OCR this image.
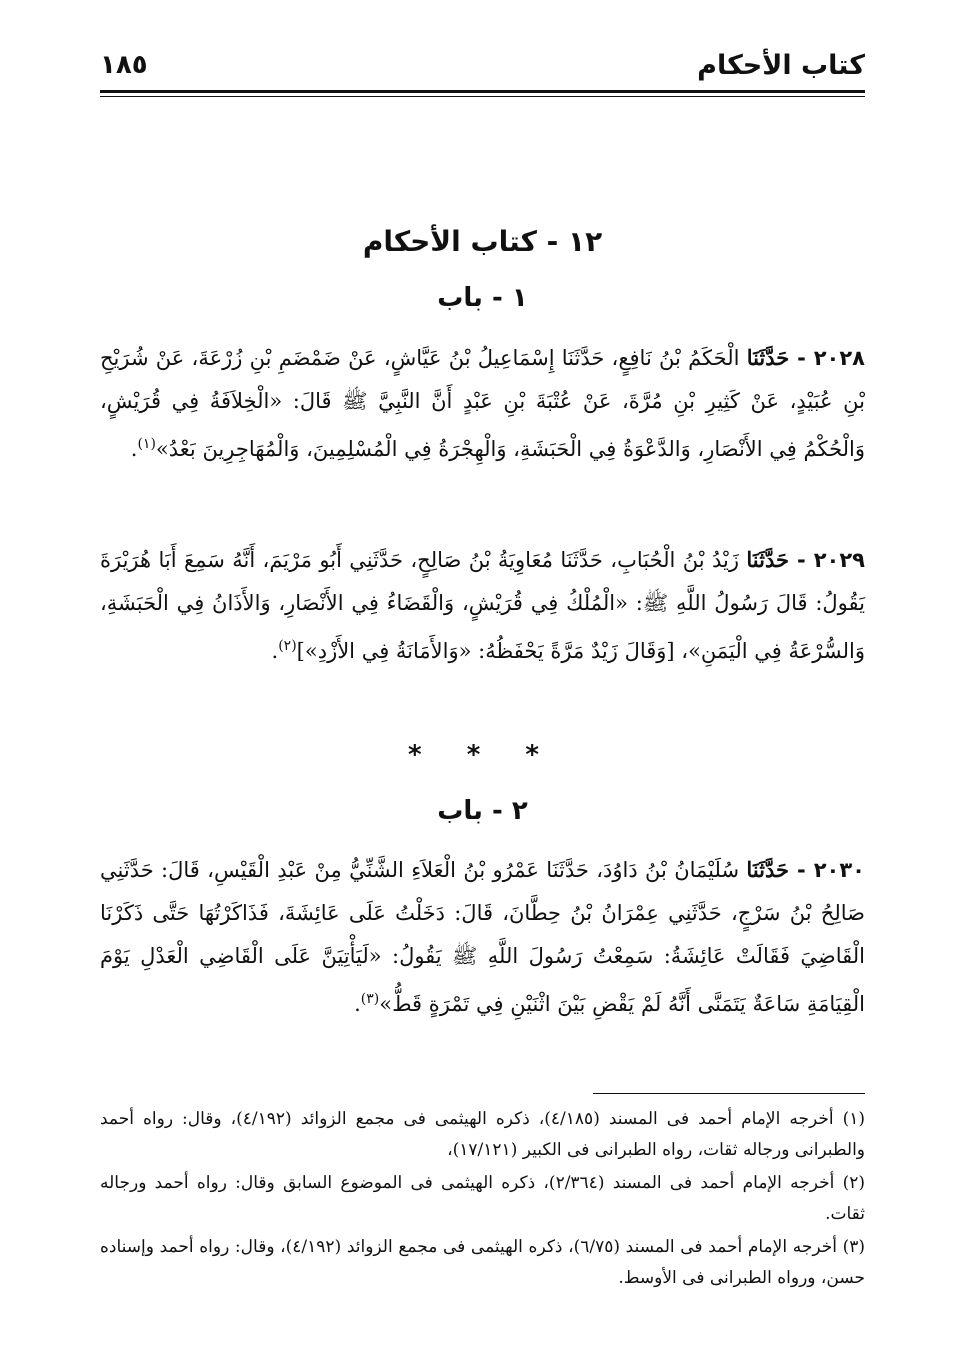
كتاب الأحكام
١٨٥
١٢ - كتاب الأحكام
١ - باب
٢٠٢٨ - حَدَّثَنَا الْحَكَمُ بْنُ نَافِعٍ، حَدَّثَنَا إِسْمَاعِيلُ بْنُ عَيَّاشٍ، عَنْ ضَمْضَمِ بْنِ زُرْعَةَ، عَنْ شُرَيْحِ بْنِ عُبَيْدٍ، عَنْ كَثِيرِ بْنِ مُرَّةَ، عَنْ عُتْبَةَ بْنِ عَبْدٍ أَنَّ النَّبِيَّ ﷺ قَالَ: «الْخِلاَفَةُ فِي قُرَيْشٍ، وَالْحُكْمُ فِي الأَنْصَارِ، وَالدَّعْوَةُ فِي الْحَبَشَةِ، وَالْهِجْرَةُ فِي الْمُسْلِمِينَ، وَالْمُهَاجِرِينَ بَعْدُ»$^{(١)}$.
٢٠٢٩ - حَدَّثَنَا زَيْدُ بْنُ الْحُبَابِ، حَدَّثَنَا مُعَاوِيَةُ بْنُ صَالِحٍ، حَدَّثَنِي أَبُو مَرْيَمَ، أَنَّهُ سَمِعَ أَبَا هُرَيْرَةَ يَقُولُ: قَالَ رَسُولُ اللَّهِ ﷺ: «الْمُلْكُ فِي قُرَيْشٍ، وَالْقَضَاءُ فِي الأَنْصَارِ، وَالأَذَانُ فِي الْحَبَشَةِ، وَالسُّرْعَةُ فِي الْيَمَنِ»، [وَقَالَ زَيْدٌ مَرَّةً يَحْفَظُهُ: «وَالأَمَانَةُ فِي الأَزْدِ»]$^{(٢)}$.
* * *
٢ - باب
٢٠٣٠ - حَدَّثَنَا سُلَيْمَانُ بْنُ دَاوُدَ، حَدَّثَنَا عَمْرُو بْنُ الْعَلاَءِ الشَّنِّيُّ مِنْ عَبْدِ الْقَيْسِ، قَالَ: حَدَّثَنِي صَالِحُ بْنُ سَرْجٍ، حَدَّثَنِي عِمْرَانُ بْنُ حِطَّانَ، قَالَ: دَخَلْتُ عَلَى عَائِشَةَ، فَذَاكَرْتُهَا حَتَّى ذَكَرْنَا الْقَاضِيَ فَقَالَتْ عَائِشَةُ: سَمِعْتُ رَسُولَ اللَّهِ ﷺ يَقُولُ: «لَيَأْتِيَنَّ عَلَى الْقَاضِي الْعَدْلِ يَوْمَ الْقِيَامَةِ سَاعَةٌ يَتَمَنَّى أَنَّهُ لَمْ يَقْضِ بَيْنَ اثْنَيْنِ فِي تَمْرَةٍ قَطُّ»$^{(٣)}$.

(١) أخرجه الإمام أحمد فى المسند (٤/١٨٥)، ذكره الهيثمى فى مجمع الزوائد (٤/١٩٢)، وقال: رواه أحمد والطبرانى ورجاله ثقات، رواه الطبرانى فى الكبير (١٧/١٢١)،

(٢) أخرجه الإمام أحمد فى المسند (٢/٣٦٤)، ذكره الهيثمى فى الموضوع السابق وقال: رواه أحمد ورجاله ثقات.

(٣) أخرجه الإمام أحمد فى المسند (٦/٧٥)، ذكره الهيثمى فى مجمع الزوائد (٤/١٩٢)، وقال: رواه أحمد وإسناده حسن، ورواه الطبرانى فى الأوسط.
